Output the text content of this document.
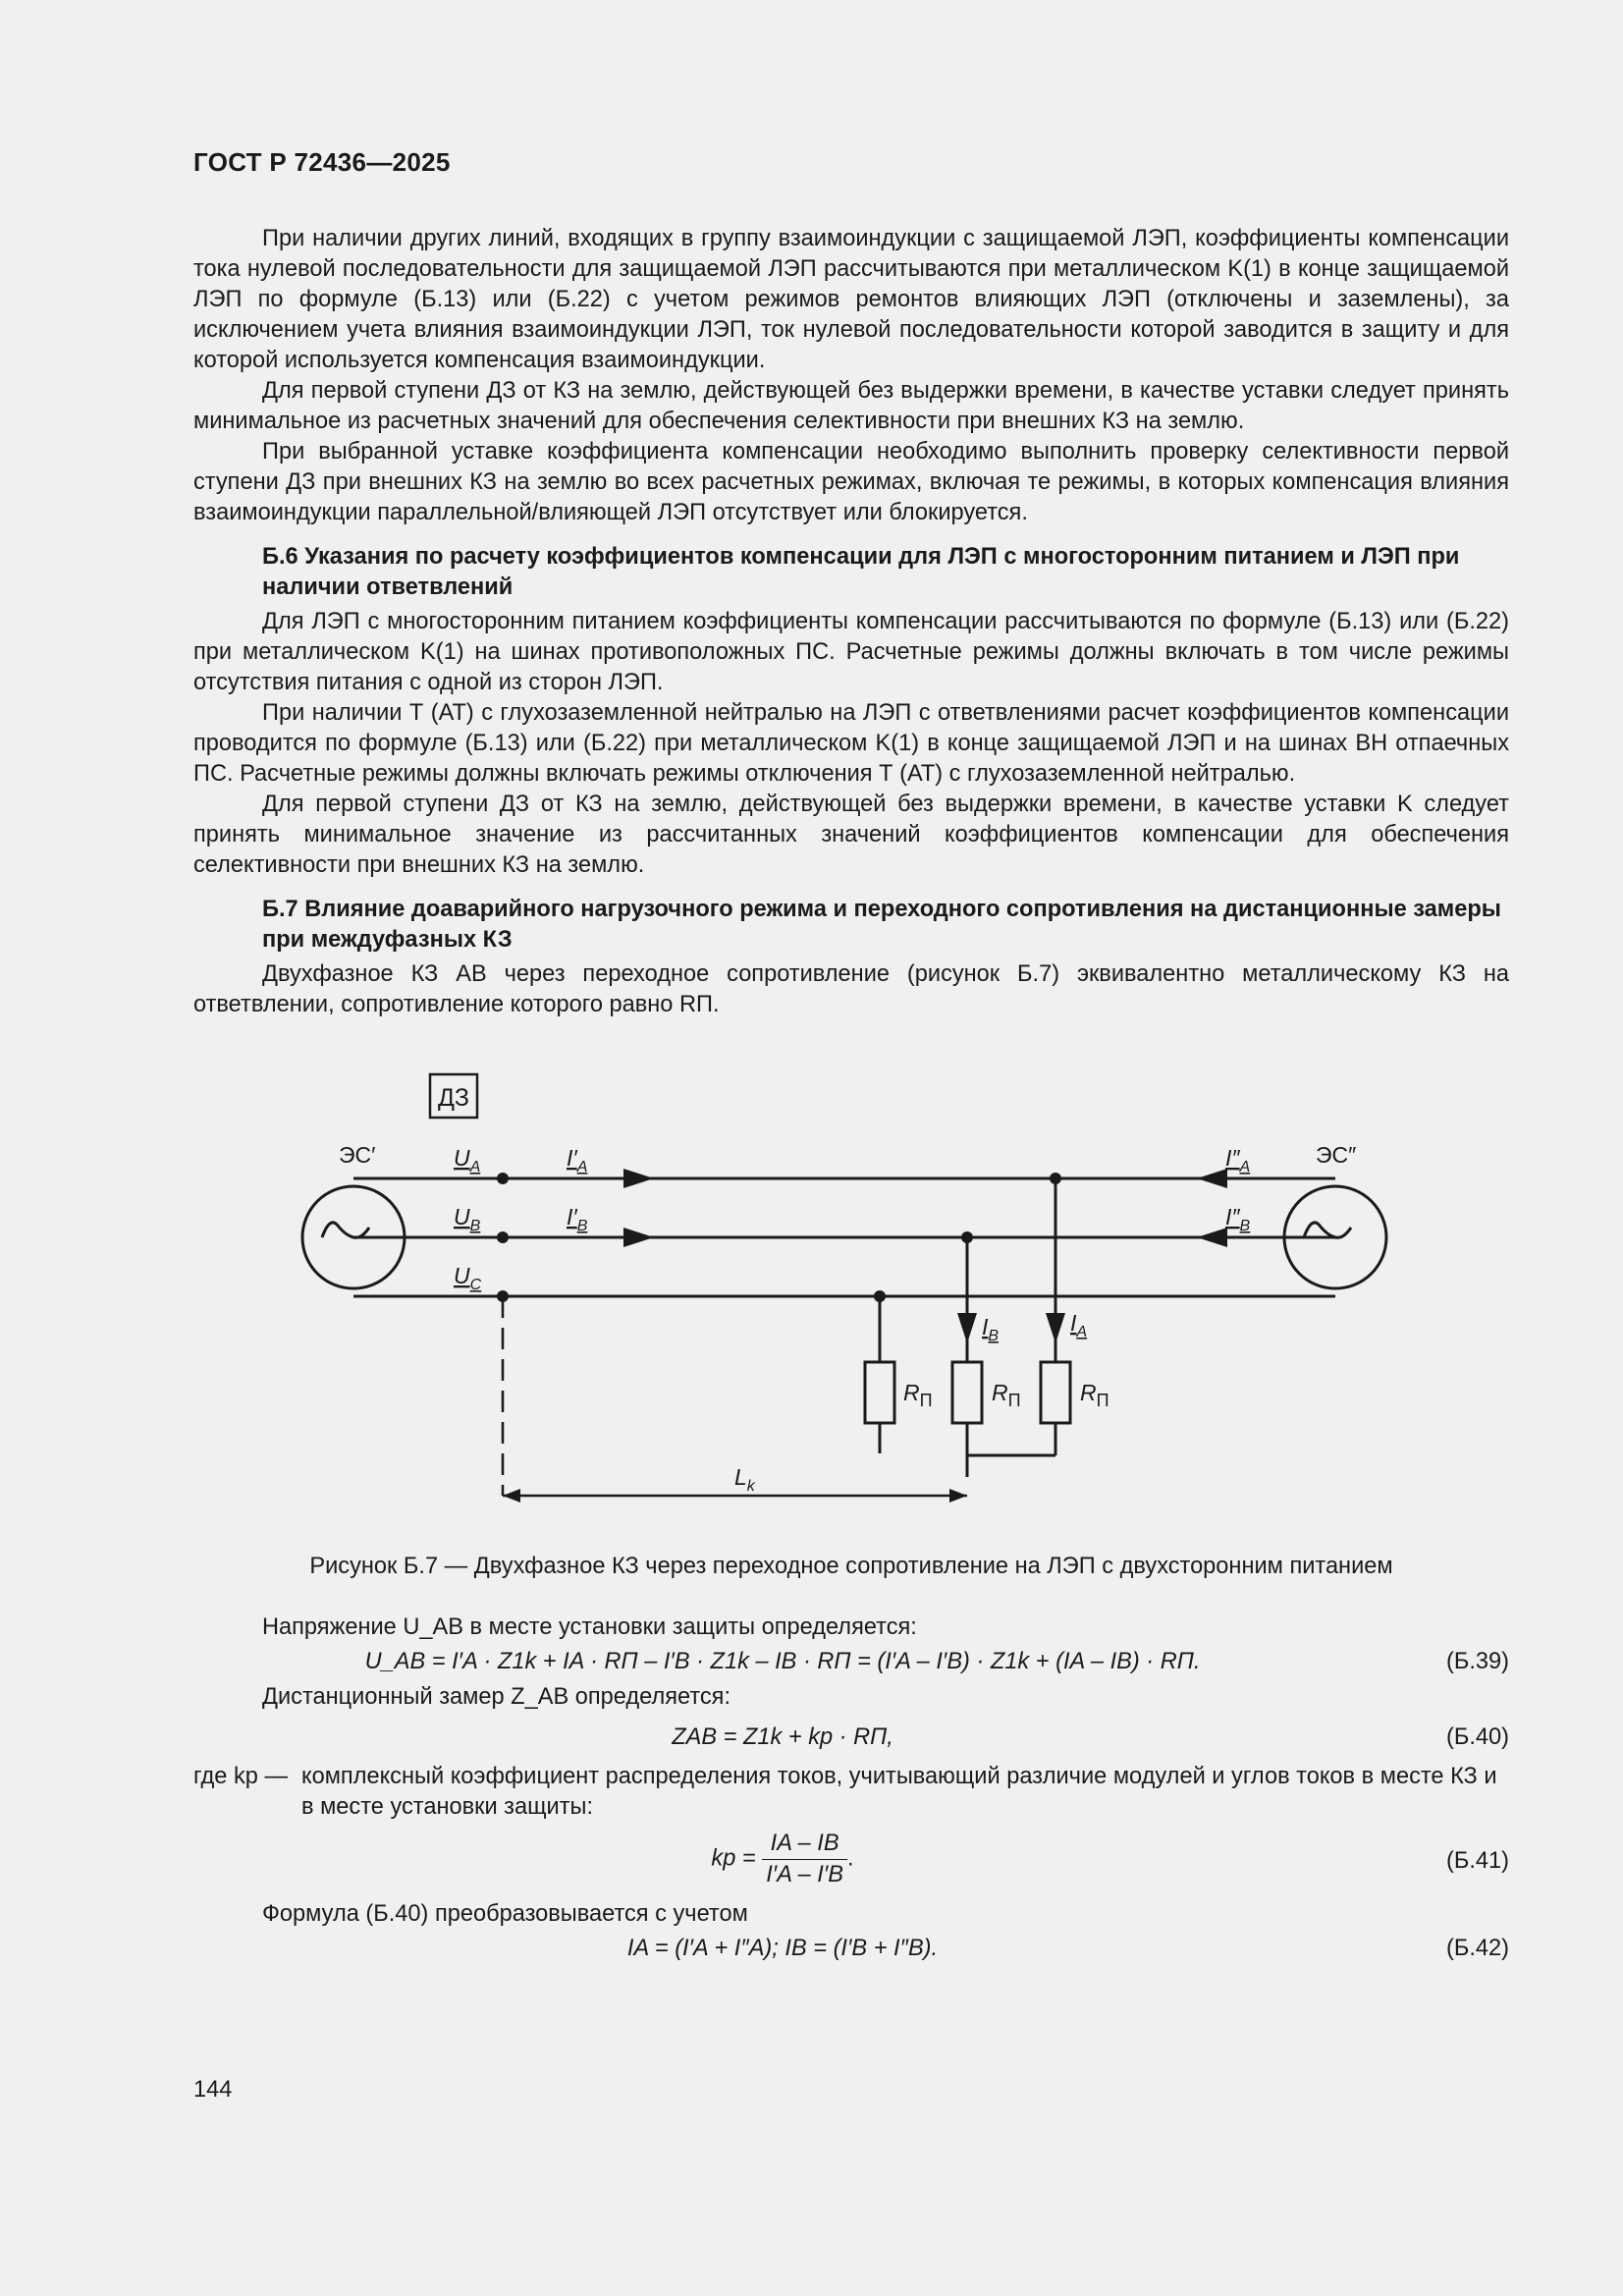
ГОСТ Р 72436—2025

При наличии других линий, входящих в группу взаимоиндукции с защищаемой ЛЭП, коэффициенты компенсации тока нулевой последовательности для защищаемой ЛЭП рассчитываются при металлическом K(1) в конце защищаемой ЛЭП по формуле (Б.13) или (Б.22) с учетом режимов ремонтов влияющих ЛЭП (отключены и заземлены), за исключением учета влияния взаимоиндукции ЛЭП, ток нулевой последовательности которой заводится в защиту и для которой используется компенсация взаимоиндукции.

Для первой ступени ДЗ от КЗ на землю, действующей без выдержки времени, в качестве уставки следует принять минимальное из расчетных значений для обеспечения селективности при внешних КЗ на землю.

При выбранной уставке коэффициента компенсации необходимо выполнить проверку селективности первой ступени ДЗ при внешних КЗ на землю во всех расчетных режимах, включая те режимы, в которых компенсация влияния взаимоиндукции параллельной/влияющей ЛЭП отсутствует или блокируется.

Б.6 Указания по расчету коэффициентов компенсации для ЛЭП с многосторонним питанием и ЛЭП при наличии ответвлений

Для ЛЭП с многосторонним питанием коэффициенты компенсации рассчитываются по формуле (Б.13) или (Б.22) при металлическом K(1) на шинах противоположных ПС. Расчетные режимы должны включать в том числе режимы отсутствия питания с одной из сторон ЛЭП.

При наличии Т (АТ) с глухозаземленной нейтралью на ЛЭП с ответвлениями расчет коэффициентов компенсации проводится по формуле (Б.13) или (Б.22) при металлическом K(1) в конце защищаемой ЛЭП и на шинах ВН отпаечных ПС. Расчетные режимы должны включать режимы отключения Т (АТ) с глухозаземленной нейтралью.

Для первой ступени ДЗ от КЗ на землю, действующей без выдержки времени, в качестве уставки K следует принять минимальное значение из рассчитанных значений коэффициентов компенсации для обеспечения селективности при внешних КЗ на землю.

Б.7 Влияние доаварийного нагрузочного режима и переходного сопротивления на дистанционные замеры при междуфазных КЗ

Двухфазное КЗ AB через переходное сопротивление (рисунок Б.7) эквивалентно металлическому КЗ на ответвлении, сопротивление которого равно RП.

ДЗ
ЭС′	ЭС″
$U_A$
$U_B$
$U_C$
$I'_A$
$I'_B$
$I''_A$
$I''_B$
$I_B$
$I_A$
$R_П$	$R_П$	$R_П$
$L_k$
Рисунок Б.7 — Двухфазное КЗ через переходное сопротивление на ЛЭП с двухсторонним питанием
Напряжение U_AB в месте установки защиты определяется:
U_AB = I′A · Z1k + IA · RП – I′B · Z1k – IB · RП = (I′A – I′B) · Z1k + (IA – IB) · RП.	(Б.39)
Дистанционный замер Z_AB определяется:
ZAB = Z1k + kр · RП,	(Б.40)
где kр — комплексный коэффициент распределения токов, учитывающий различие модулей и углов токов в месте КЗ и в месте установки защиты:
kр = $\frac{IA - IB}{I'A - I'B}$ .	(Б.41)
Формула (Б.40) преобразовывается с учетом
IA = (I′A + I″A); IB = (I′B + I″B).	(Б.42)
144
